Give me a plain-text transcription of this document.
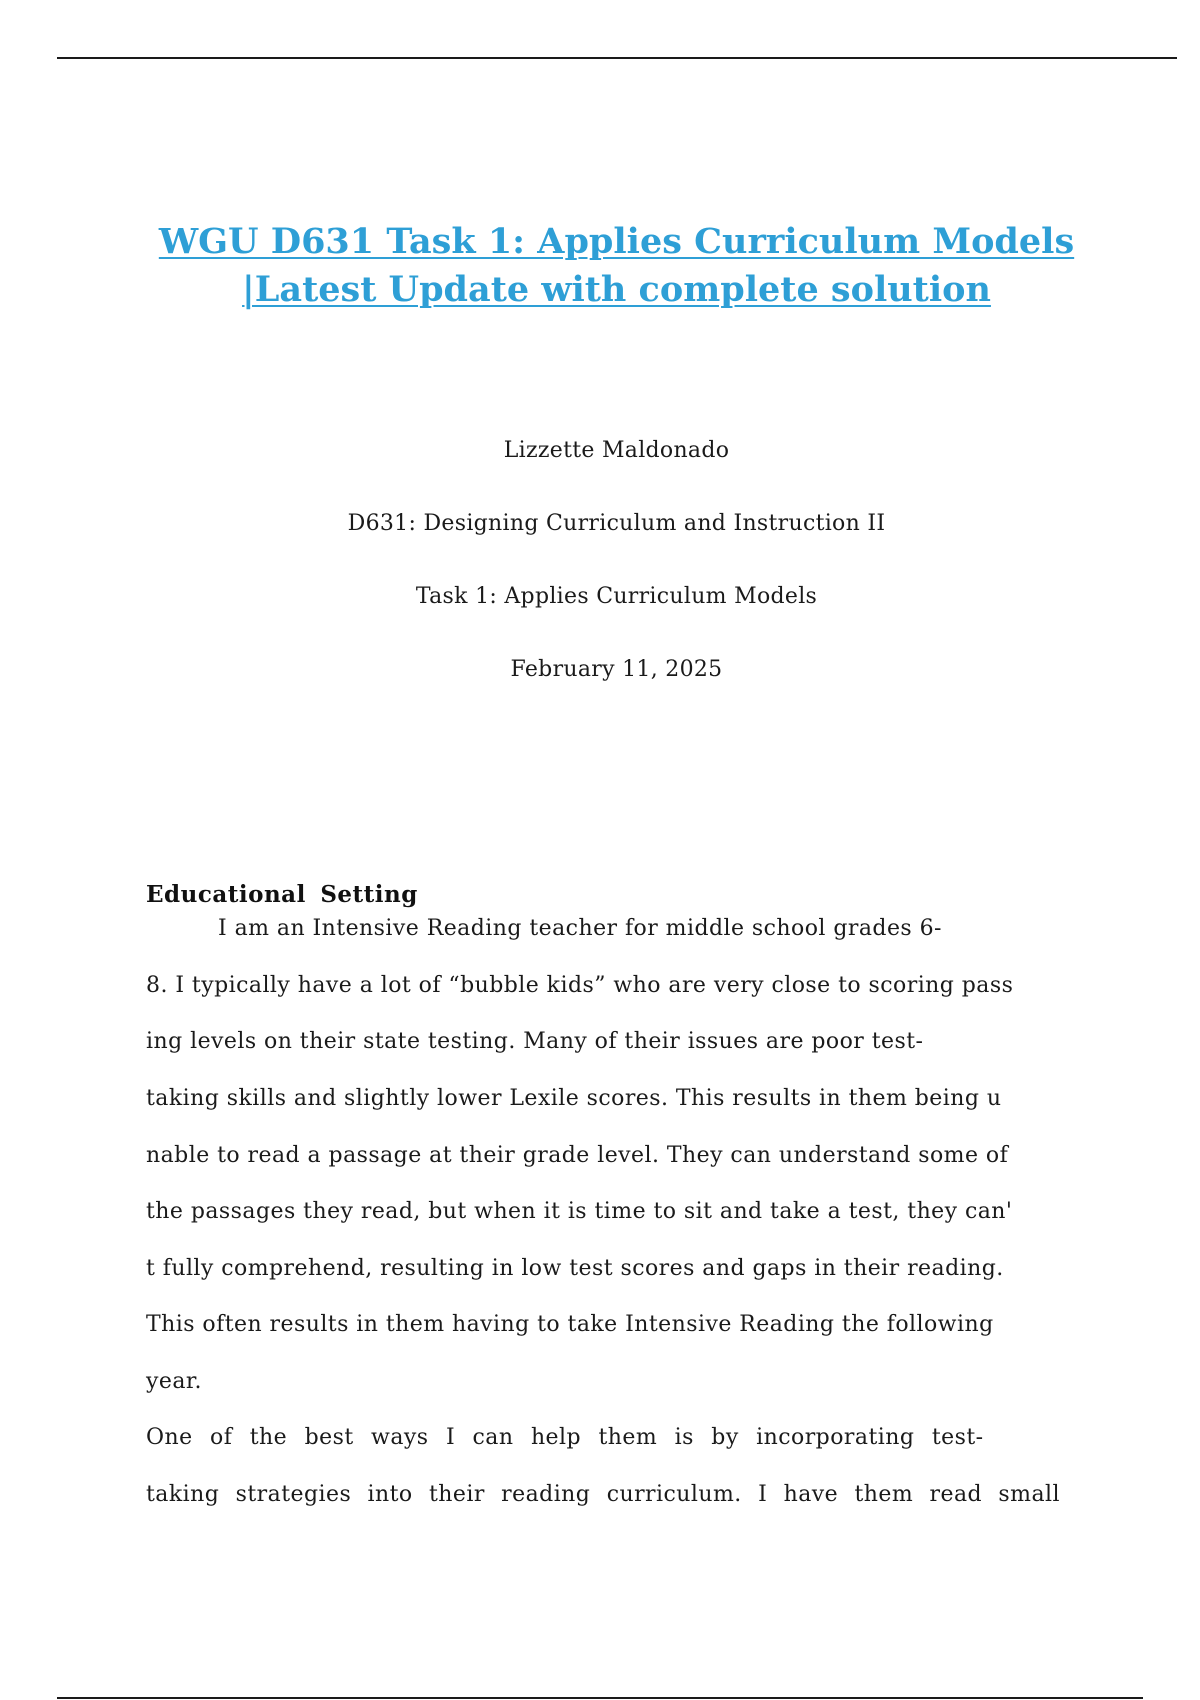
WGU D631 Task 1: Applies Curriculum Models
|Latest Update with complete solution
Lizzette Maldonado
D631: Designing Curriculum and Instruction II
Task 1: Applies Curriculum Models
February 11, 2025
Educational Setting
I am an Intensive Reading teacher for middle school grades 6-
8. I typically have a lot of “bubble kids” who are very close to scoring pass
ing levels on their state testing. Many of their issues are poor test-
taking skills and slightly lower Lexile scores. This results in them being u
nable to read a passage at their grade level. They can understand some of
the passages they read, but when it is time to sit and take a test, they can'
t fully comprehend, resulting in low test scores and gaps in their reading.
This often results in them having to take Intensive Reading the following
year.
One of the best ways I can help them is by incorporating test-
taking strategies into their reading curriculum. I have them read small
